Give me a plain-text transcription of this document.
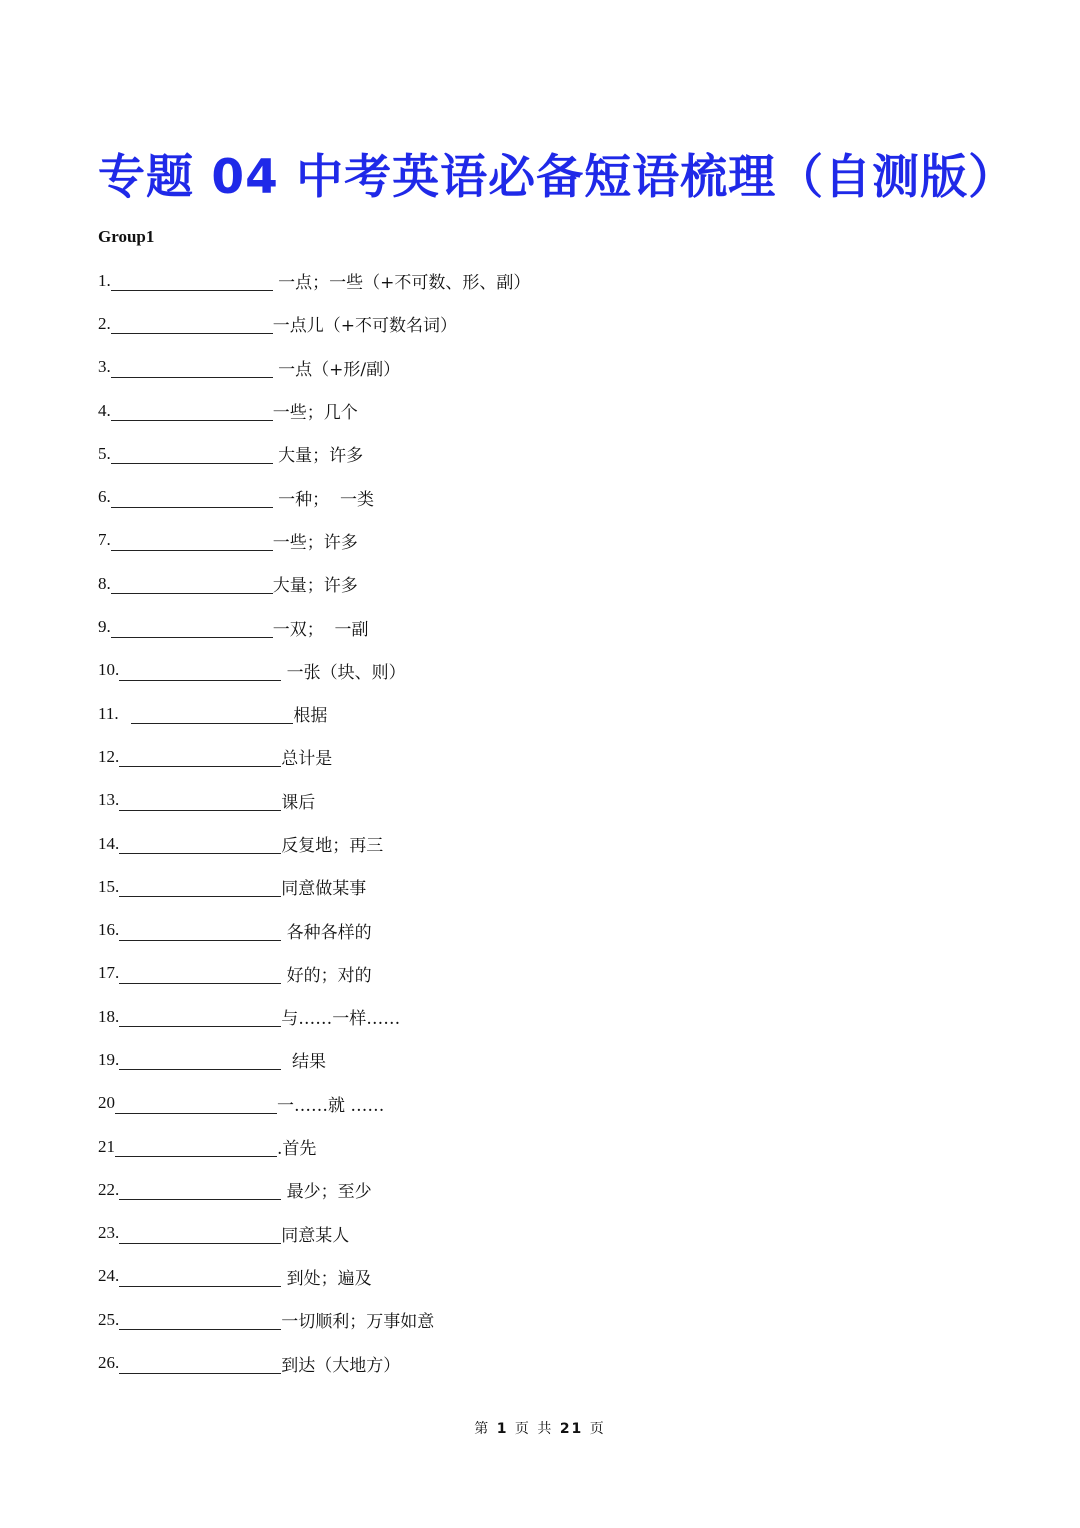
专题 04 中考英语必备短语梳理（自测版）
Group1
1.	一点；一些（+不可数、形、副）
2.	一点儿（+不可数名词）
3.	一点（+形/副）
4.	一些；几个
5.	大量；许多
6.	一种；  一类
7.	一些；许多
8.	大量；许多
9.	一双；  一副
10.	一张（块、则）
11.	根据
12.	总计是
13.	课后
14.	反复地；再三
15.	同意做某事
16.	各种各样的
17.	好的；对的
18.	与……一样……
19.	结果
20	一……就 ……
21	.首先
22.	最少；至少
23.	同意某人
24.	到处；遍及
25.	一切顺利；万事如意
26.	到达（大地方）
第 1 页 共 21 页
